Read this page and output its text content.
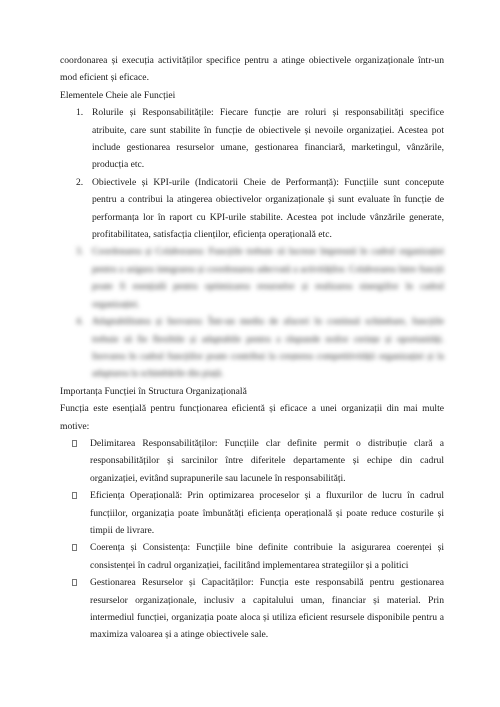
coordonarea și execuția activităților specifice pentru a atinge obiectivele organizaționale într-un mod eficient și eficace.

Elementele Cheie ale Funcției

1. Rolurile și Responsabilitățile: Fiecare funcție are roluri și responsabilități specifice atribuite, care sunt stabilite în funcție de obiectivele și nevoile organizației. Acestea pot include gestionarea resurselor umane, gestionarea financiară, marketingul, vânzările, producția etc.
2. Obiectivele și KPI-urile (Indicatorii Cheie de Performanță): Funcțiile sunt concepute pentru a contribui la atingerea obiectivelor organizaționale și sunt evaluate în funcție de performanța lor în raport cu KPI-urile stabilite. Acestea pot include vânzările generate, profitabilitatea, satisfacția clienților, eficiența operațională etc.
3. Coordonarea și Colaborarea: Funcțiile trebuie să lucreze împreună în cadrul organizației pentru a asigura integrarea și coordonarea adecvată a activităților. Colaborarea între funcții poate fi esențială pentru optimizarea resurselor și realizarea sinergiilor în cadrul organizației.
4. Adaptabilitatea și Inovarea: Într-un mediu de afaceri în continuă schimbare, funcțiile trebuie să fie flexibile și adaptabile pentru a răspunde noilor cerințe și oportunități. Inovarea în cadrul funcțiilor poate contribui la creșterea competitivității organizației și la adaptarea la schimbările din piață.

Importanța Funcției în Structura Organizațională

Funcția este esențială pentru funcționarea eficientă și eficace a unei organizații din mai multe motive:

Delimitarea Responsabilităților: Funcțiile clar definite permit o distribuție clară a responsabilităților și sarcinilor între diferitele departamente și echipe din cadrul organizației, evitând suprapunerile sau lacunele în responsabilități.
Eficiența Operațională: Prin optimizarea proceselor și a fluxurilor de lucru în cadrul funcțiilor, organizația poate îmbunătăți eficiența operațională și poate reduce costurile și timpii de livrare.
Coerența și Consistența: Funcțiile bine definite contribuie la asigurarea coerenței și consistenței în cadrul organizației, facilitând implementarea strategiilor și a politici
Gestionarea Resurselor și Capacităților: Funcția este responsabilă pentru gestionarea resurselor organizaționale, inclusiv a capitalului uman, financiar și material. Prin intermediul funcției, organizația poate aloca și utiliza eficient resursele disponibile pentru a maximiza valoarea și a atinge obiectivele sale.
